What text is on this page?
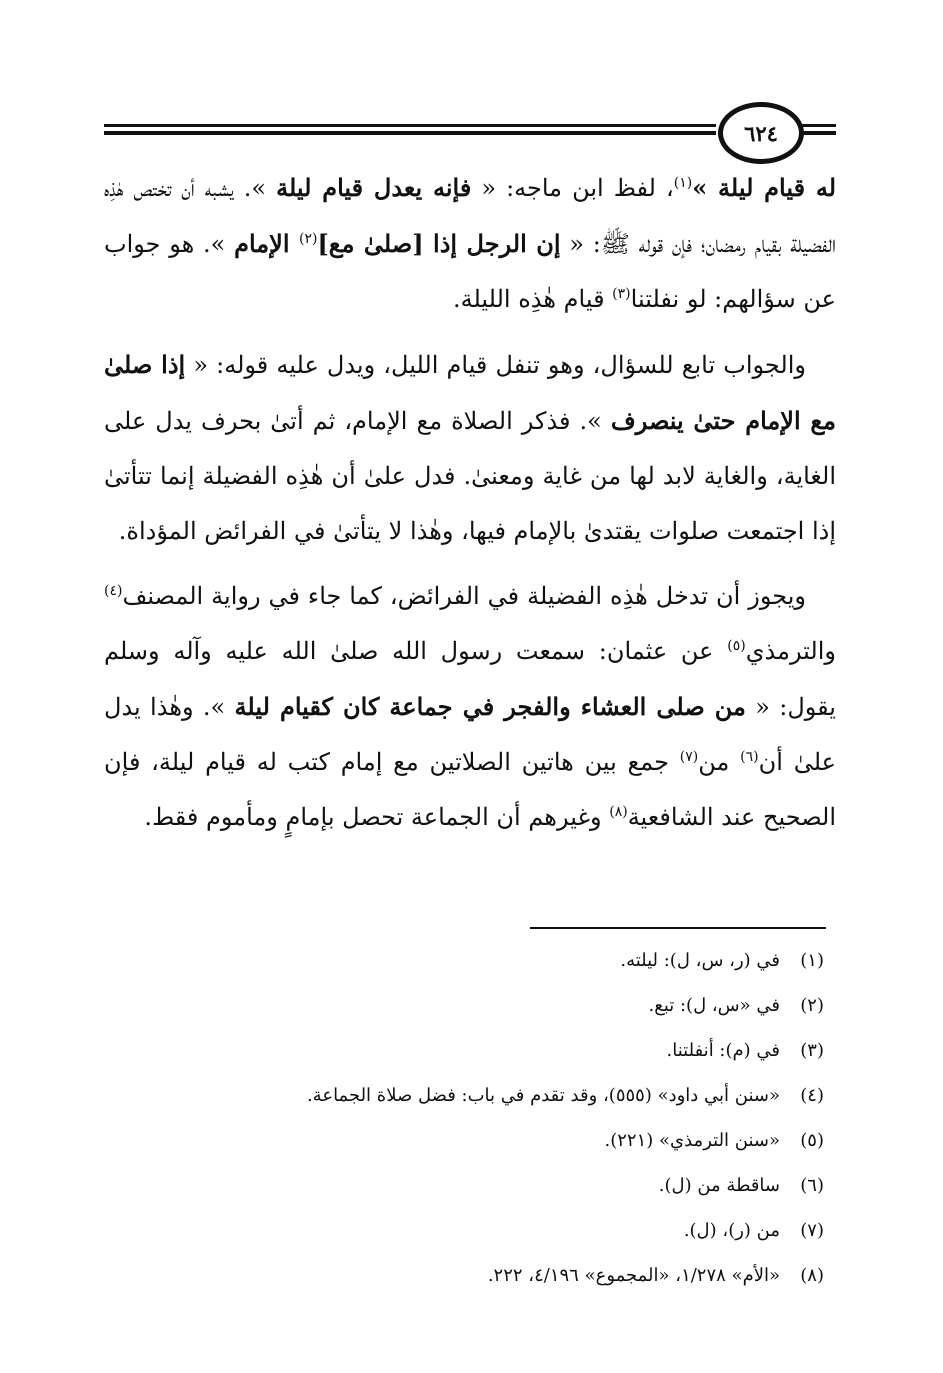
٦٢٤

له قيام ليلة »$^{(١)}$، لفظ ابن ماجه: « فإنه يعدل قيام ليلة ». يشبه أن تختص هٰذِه الفضيلة بقيام رمضان؛ فإن قوله ﷺ: « إن الرجل إذا [صلىٰ مع]$^{(٢)}$ الإمام ». هو جواب عن سؤالهم: لو نفلتنا$^{(٣)}$ قيام هٰذِه الليلة.

والجواب تابع للسؤال، وهو تنفل قيام الليل، ويدل عليه قوله: « إذا صلىٰ مع الإمام حتىٰ ينصرف ». فذكر الصلاة مع الإمام، ثم أتىٰ بحرف يدل على الغاية، والغاية لابد لها من غاية ومعنىٰ. فدل علىٰ أن هٰذِه الفضيلة إنما تتأتىٰ إذا اجتمعت صلوات يقتدىٰ بالإمام فيها، وهٰذا لا يتأتىٰ في الفرائض المؤداة.

ويجوز أن تدخل هٰذِه الفضيلة في الفرائض، كما جاء في رواية المصنف$^{(٤)}$ والترمذي$^{(٥)}$ عن عثمان: سمعت رسول الله صلىٰ الله عليه وآله وسلم يقول: « من صلى العشاء والفجر في جماعة كان كقيام ليلة ». وهٰذا يدل علىٰ أن$^{(٦)}$ من$^{(٧)}$ جمع بين هاتين الصلاتين مع إمام كتب له قيام ليلة، فإن الصحيح عند الشافعية$^{(٨)}$ وغيرهم أن الجماعة تحصل بإمامٍ ومأموم فقط.

(١)
في (ر، س، ل): ليلته.
(٢)
في «س، ل): تبع.
(٣)
في (م): أنفلتنا.
(٤)
«سنن أبي داود» (٥٥٥)، وقد تقدم في باب: فضل صلاة الجماعة.
(٥)
«سنن الترمذي» (٢٢١).
(٦)
ساقطة من (ل).
(٧)
من (ر)، (ل).
(٨)
«الأم» ١/٢٧٨، «المجموع» ٤/١٩٦، ٢٢٢.
